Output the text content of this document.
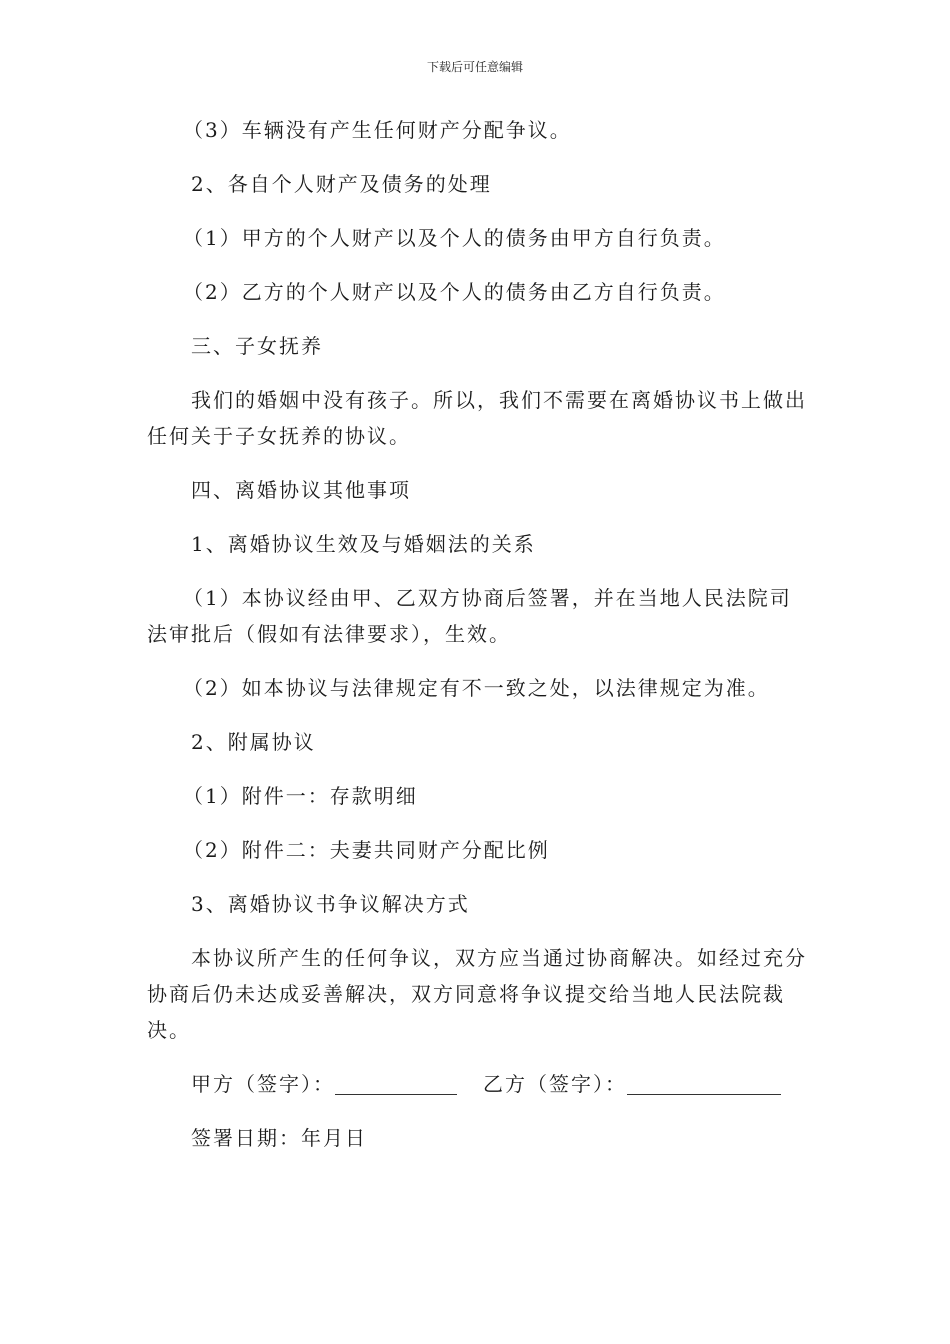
下载后可任意编辑

（3）车辆没有产生任何财产分配争议。

2、各自个人财产及债务的处理

（1）甲方的个人财产以及个人的债务由甲方自行负责。

（2）乙方的个人财产以及个人的债务由乙方自行负责。

三、子女抚养

我们的婚姻中没有孩子。所以，我们不需要在离婚协议书上做出任何关于子女抚养的协议。

四、离婚协议其他事项

1、离婚协议生效及与婚姻法的关系

（1）本协议经由甲、乙双方协商后签署，并在当地人民法院司法审批后（假如有法律要求），生效。

（2）如本协议与法律规定有不一致之处，以法律规定为准。

2、附属协议

（1）附件一：存款明细

（2）附件二：夫妻共同财产分配比例

3、离婚协议书争议解决方式

本协议所产生的任何争议，双方应当通过协商解决。如经过充分协商后仍未达成妥善解决，双方同意将争议提交给当地人民法院裁决。

甲方（签字）：	乙方（签字）：

签署日期：年月日
